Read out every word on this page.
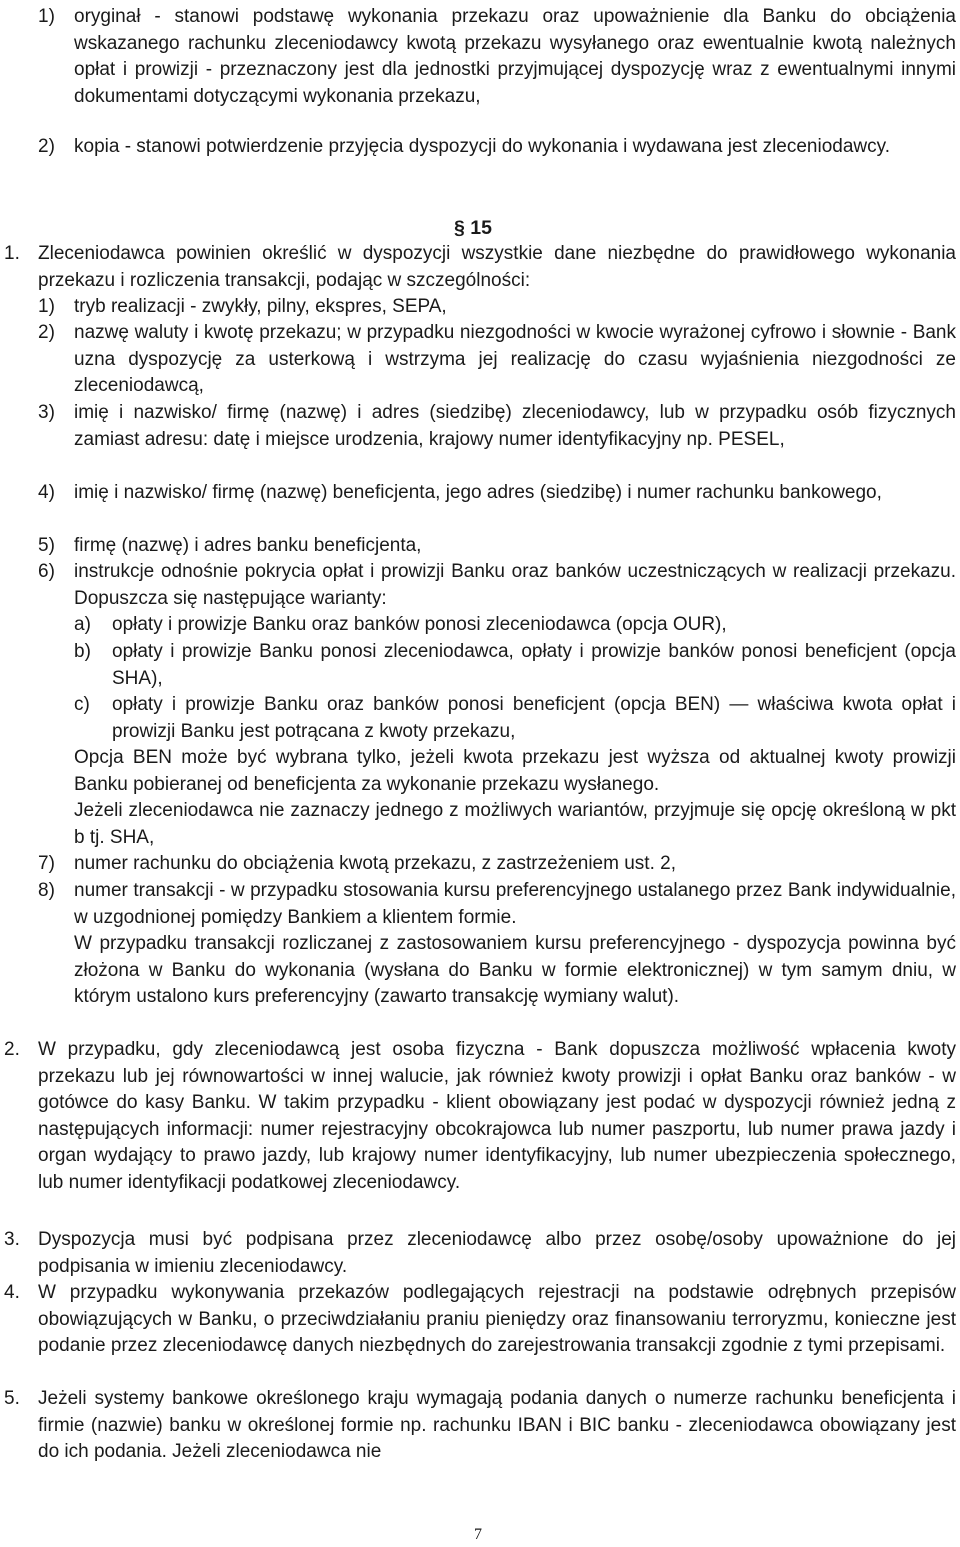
1) oryginał - stanowi podstawę wykonania przekazu oraz upoważnienie dla Banku do obciążenia wskazanego rachunku zleceniodawcy kwotą przekazu wysyłanego oraz ewentualnie kwotą należnych opłat i prowizji - przeznaczony jest dla jednostki przyjmującej dyspozycję wraz z ewentualnymi innymi dokumentami dotyczącymi wykonania przekazu,
2) kopia - stanowi potwierdzenie przyjęcia dyspozycji do wykonania i wydawana jest zleceniodawcy.
§ 15
1. Zleceniodawca powinien określić w dyspozycji wszystkie dane niezbędne do prawidłowego wykonania przekazu i rozliczenia transakcji, podając w szczególności:
1) tryb realizacji - zwykły, pilny, ekspres, SEPA,
2) nazwę waluty i kwotę przekazu; w przypadku niezgodności w kwocie wyrażonej cyfrowo i słownie - Bank uzna dyspozycję za usterkową i wstrzyma jej realizację do czasu wyjaśnienia niezgodności ze zleceniodawcą,
3) imię i nazwisko/ firmę (nazwę) i adres (siedzibę) zleceniodawcy, lub w przypadku osób fizycznych zamiast adresu: datę i miejsce urodzenia, krajowy numer identyfikacyjny np. PESEL,
4) imię i nazwisko/ firmę (nazwę) beneficjenta, jego adres (siedzibę) i numer rachunku bankowego,
5) firmę (nazwę) i adres banku beneficjenta,
6) instrukcje odnośnie pokrycia opłat i prowizji Banku oraz banków uczestniczących w realizacji przekazu. Dopuszcza się następujące warianty:
a) opłaty i prowizje Banku oraz banków ponosi zleceniodawca (opcja OUR),
b) opłaty i prowizje Banku ponosi zleceniodawca, opłaty i prowizje banków ponosi beneficjent (opcja SHA),
c) opłaty i prowizje Banku oraz banków ponosi beneficjent (opcja BEN) — właściwa kwota opłat i prowizji Banku jest potrącana z kwoty przekazu,
Opcja BEN może być wybrana tylko, jeżeli kwota przekazu jest wyższa od aktualnej kwoty prowizji Banku pobieranej od beneficjenta za wykonanie przekazu wysłanego.
Jeżeli zleceniodawca nie zaznaczy jednego z możliwych wariantów, przyjmuje się opcję określoną w pkt b tj. SHA,
7) numer rachunku do obciążenia kwotą przekazu, z zastrzeżeniem ust. 2,
8) numer transakcji - w przypadku stosowania kursu preferencyjnego ustalanego przez Bank indywidualnie, w uzgodnionej pomiędzy Bankiem a klientem formie.
W przypadku transakcji rozliczanej z zastosowaniem kursu preferencyjnego - dyspozycja powinna być złożona w Banku do wykonania (wysłana do Banku w formie elektronicznej) w tym samym dniu, w którym ustalono kurs preferencyjny (zawarto transakcję wymiany walut).
2. W przypadku, gdy zleceniodawcą jest osoba fizyczna - Bank dopuszcza możliwość wpłacenia kwoty przekazu lub jej równowartości w innej walucie, jak również kwoty prowizji i opłat Banku oraz banków - w gotówce do kasy Banku. W takim przypadku - klient obowiązany jest podać w dyspozycji również jedną z następujących informacji: numer rejestracyjny obcokrajowca lub numer paszportu, lub numer prawa jazdy i organ wydający to prawo jazdy, lub krajowy numer identyfikacyjny, lub numer ubezpieczenia społecznego, lub numer identyfikacji podatkowej zleceniodawcy.
3. Dyspozycja musi być podpisana przez zleceniodawcę albo przez osobę/osoby upoważnione do jej podpisania w imieniu zleceniodawcy.
4. W przypadku wykonywania przekazów podlegających rejestracji na podstawie odrębnych przepisów obowiązujących w Banku, o przeciwdziałaniu praniu pieniędzy oraz finansowaniu terroryzmu, konieczne jest podanie przez zleceniodawcę danych niezbędnych do zarejestrowania transakcji zgodnie z tymi przepisami.
5. Jeżeli systemy bankowe określonego kraju wymagają podania danych o numerze rachunku beneficjenta i firmie (nazwie) banku w określonej formie np. rachunku IBAN i BIC banku - zleceniodawca obowiązany jest do ich podania. Jeżeli zleceniodawca nie
7
